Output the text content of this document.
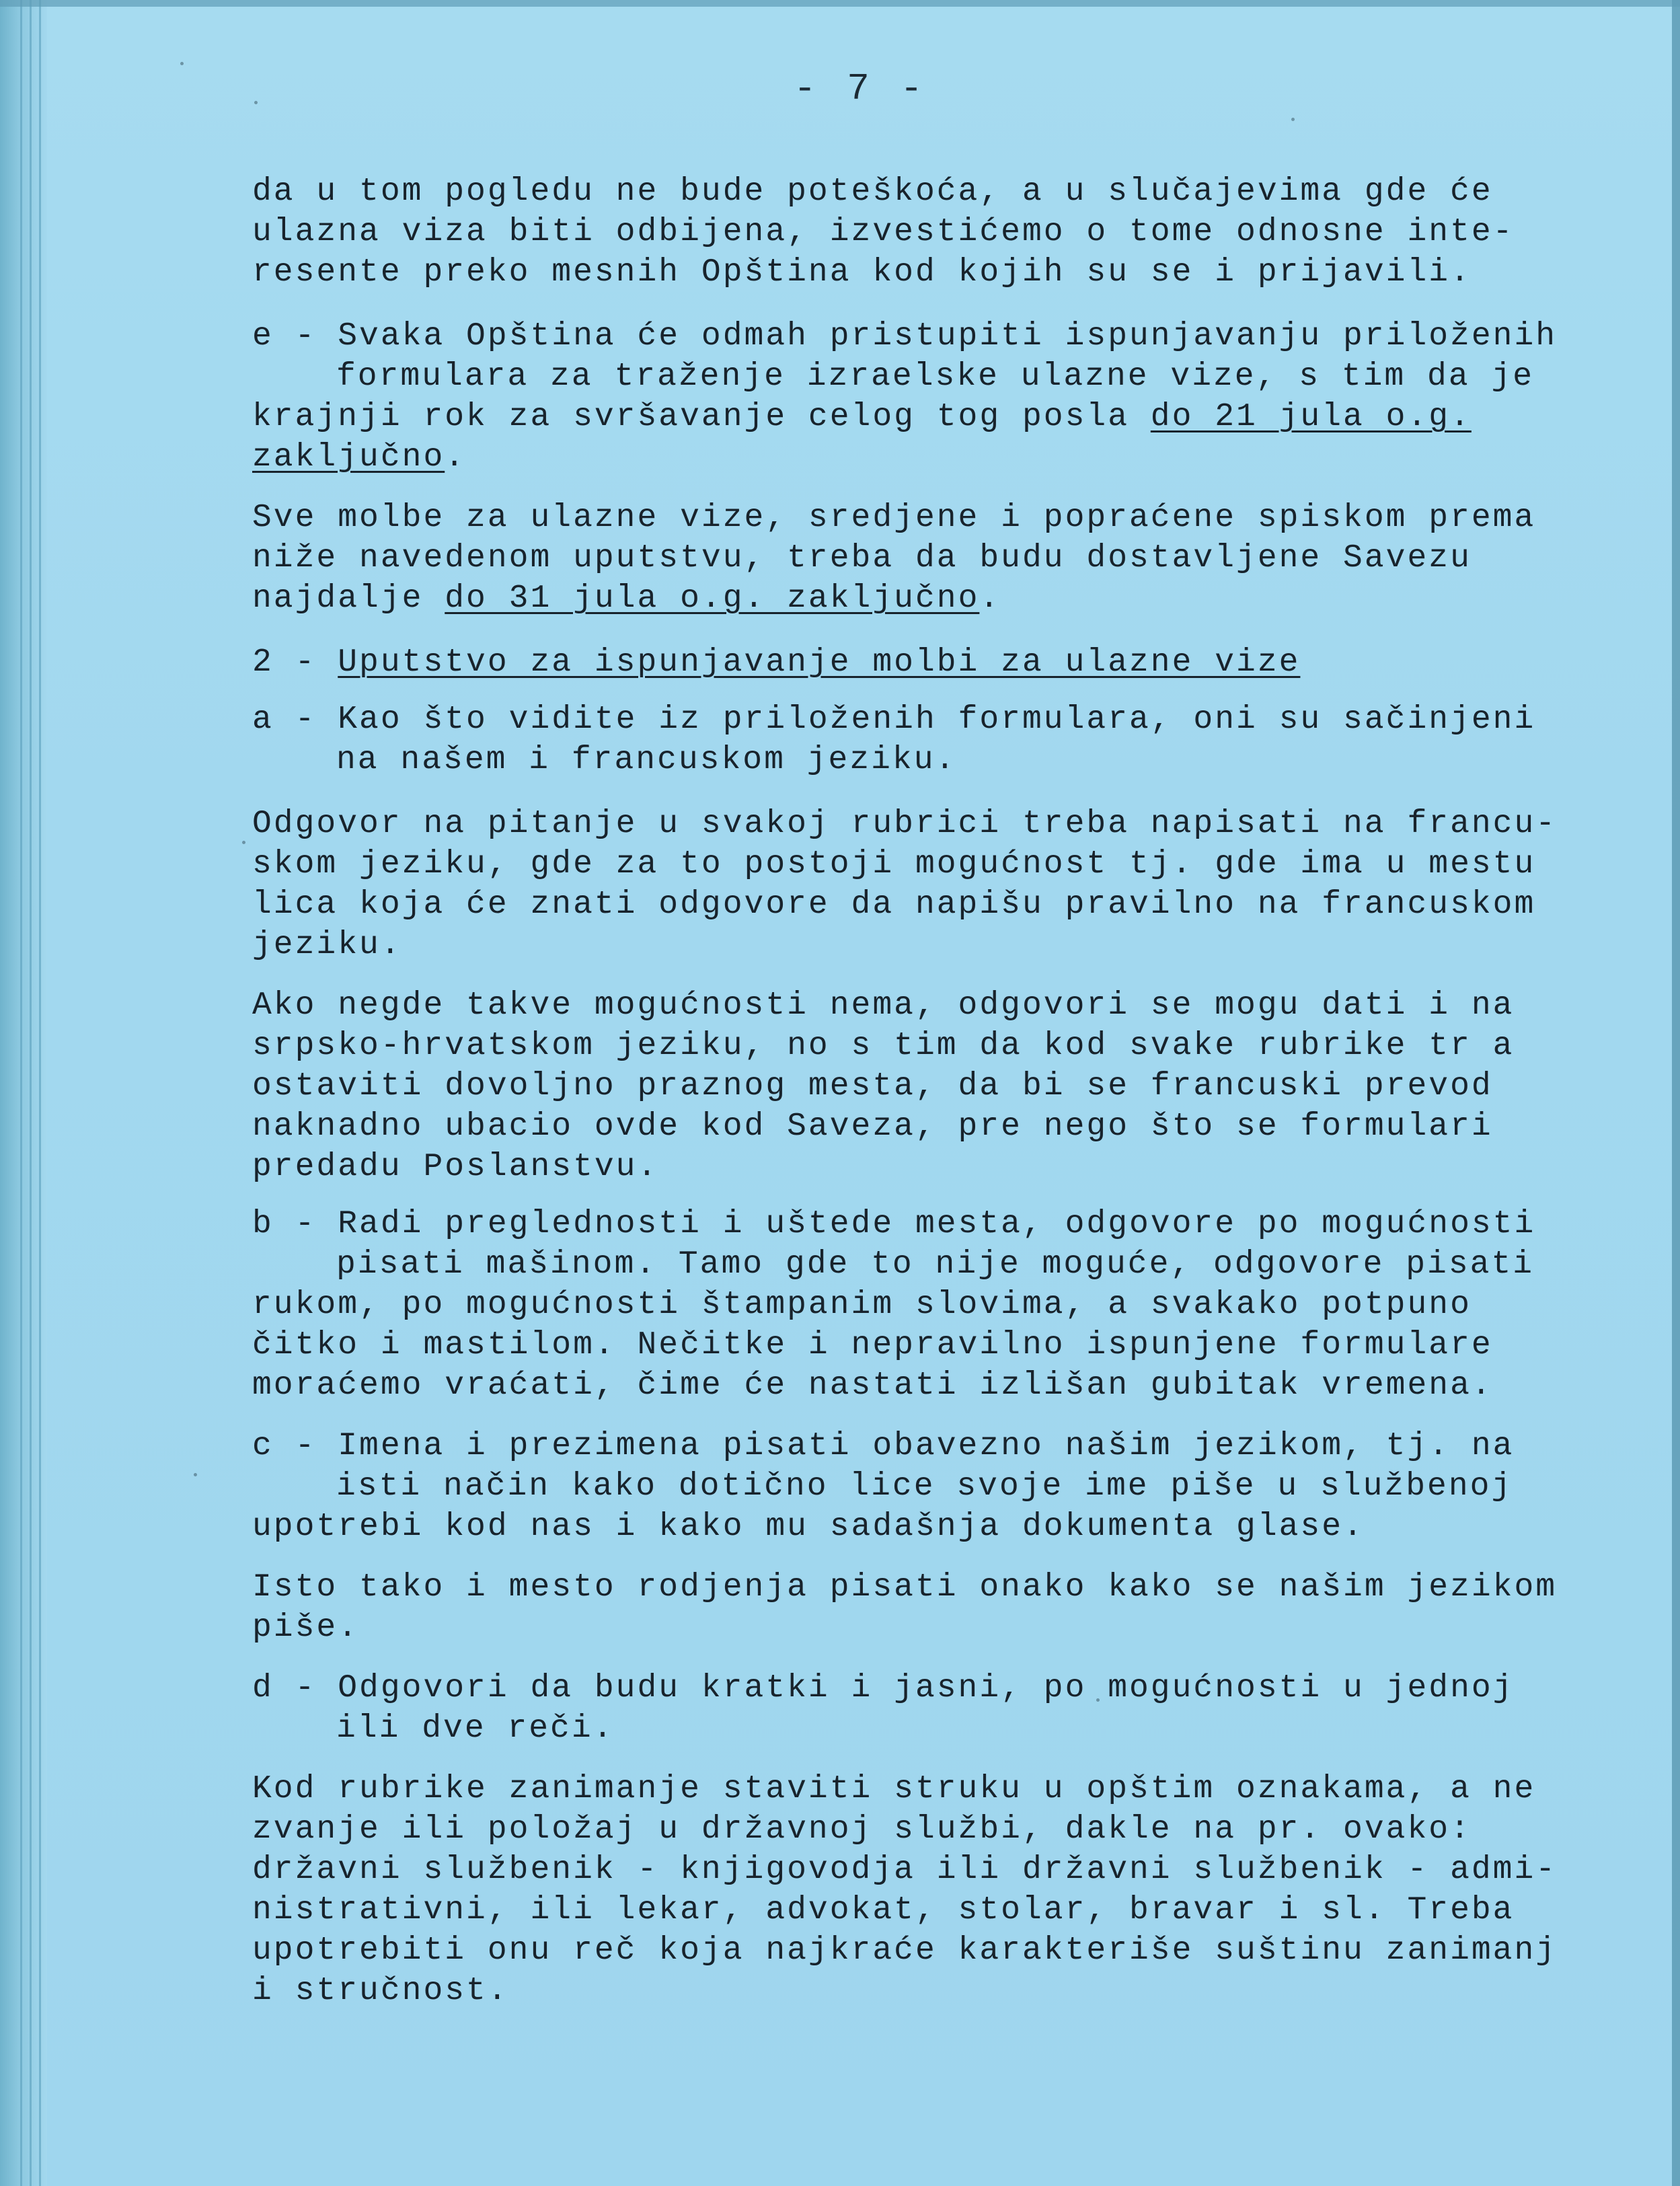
- 7 -
da u tom pogledu ne bude poteškoća, a u slučajevima gde će
ulazna viza biti odbijena, izvestićemo o tome odnosne inte-
resente preko mesnih Opština kod kojih su se i prijavili.
e - Svaka Opština će odmah pristupiti ispunjavanju priloženih
formulara za traženje izraelske ulazne vize, s tim da je
krajnji rok za svršavanje celog tog posla do 21 jula o.g.
zaključno.
Sve molbe za ulazne vize, sredjene i popraćene spiskom prema
niže navedenom uputstvu, treba da budu dostavljene Savezu
najdalje do 31 jula o.g. zaključno.
2 - Uputstvo za ispunjavanje molbi za ulazne vize
a - Kao što vidite iz priloženih formulara, oni su sačinjeni
na našem i francuskom jeziku.
Odgovor na pitanje u svakoj rubrici treba napisati na francu-
skom jeziku, gde za to postoji mogućnost tj. gde ima u mestu
lica koja će znati odgovore da napišu pravilno na francuskom
jeziku.
Ako negde takve mogućnosti nema, odgovori se mogu dati i na
srpsko-hrvatskom jeziku, no s tim da kod svake rubrike tr a
ostaviti dovoljno praznog mesta, da bi se francuski prevod
naknadno ubacio ovde kod Saveza, pre nego što se formulari
predadu Poslanstvu.
b - Radi preglednosti i uštede mesta, odgovore po mogućnosti
pisati mašinom. Tamo gde to nije moguće, odgovore pisati
rukom, po mogućnosti štampanim slovima, a svakako potpuno
čitko i mastilom. Nečitke i nepravilno ispunjene formulare
moraćemo vraćati, čime će nastati izlišan gubitak vremena.
c - Imena i prezimena pisati obavezno našim jezikom, tj. na
isti način kako dotično lice svoje ime piše u službenoj
upotrebi kod nas i kako mu sadašnja dokumenta glase.
Isto tako i mesto rodjenja pisati onako kako se našim jezikom
piše.
d - Odgovori da budu kratki i jasni, po mogućnosti u jednoj
ili dve reči.
Kod rubrike zanimanje staviti struku u opštim oznakama, a ne
zvanje ili položaj u državnoj službi, dakle na pr. ovako:
državni službenik - knjigovodja ili državni službenik - admi-
nistrativni, ili lekar, advokat, stolar, bravar i sl. Treba
upotrebiti onu reč koja najkraće karakteriše suštinu zanimanj
i stručnost.
